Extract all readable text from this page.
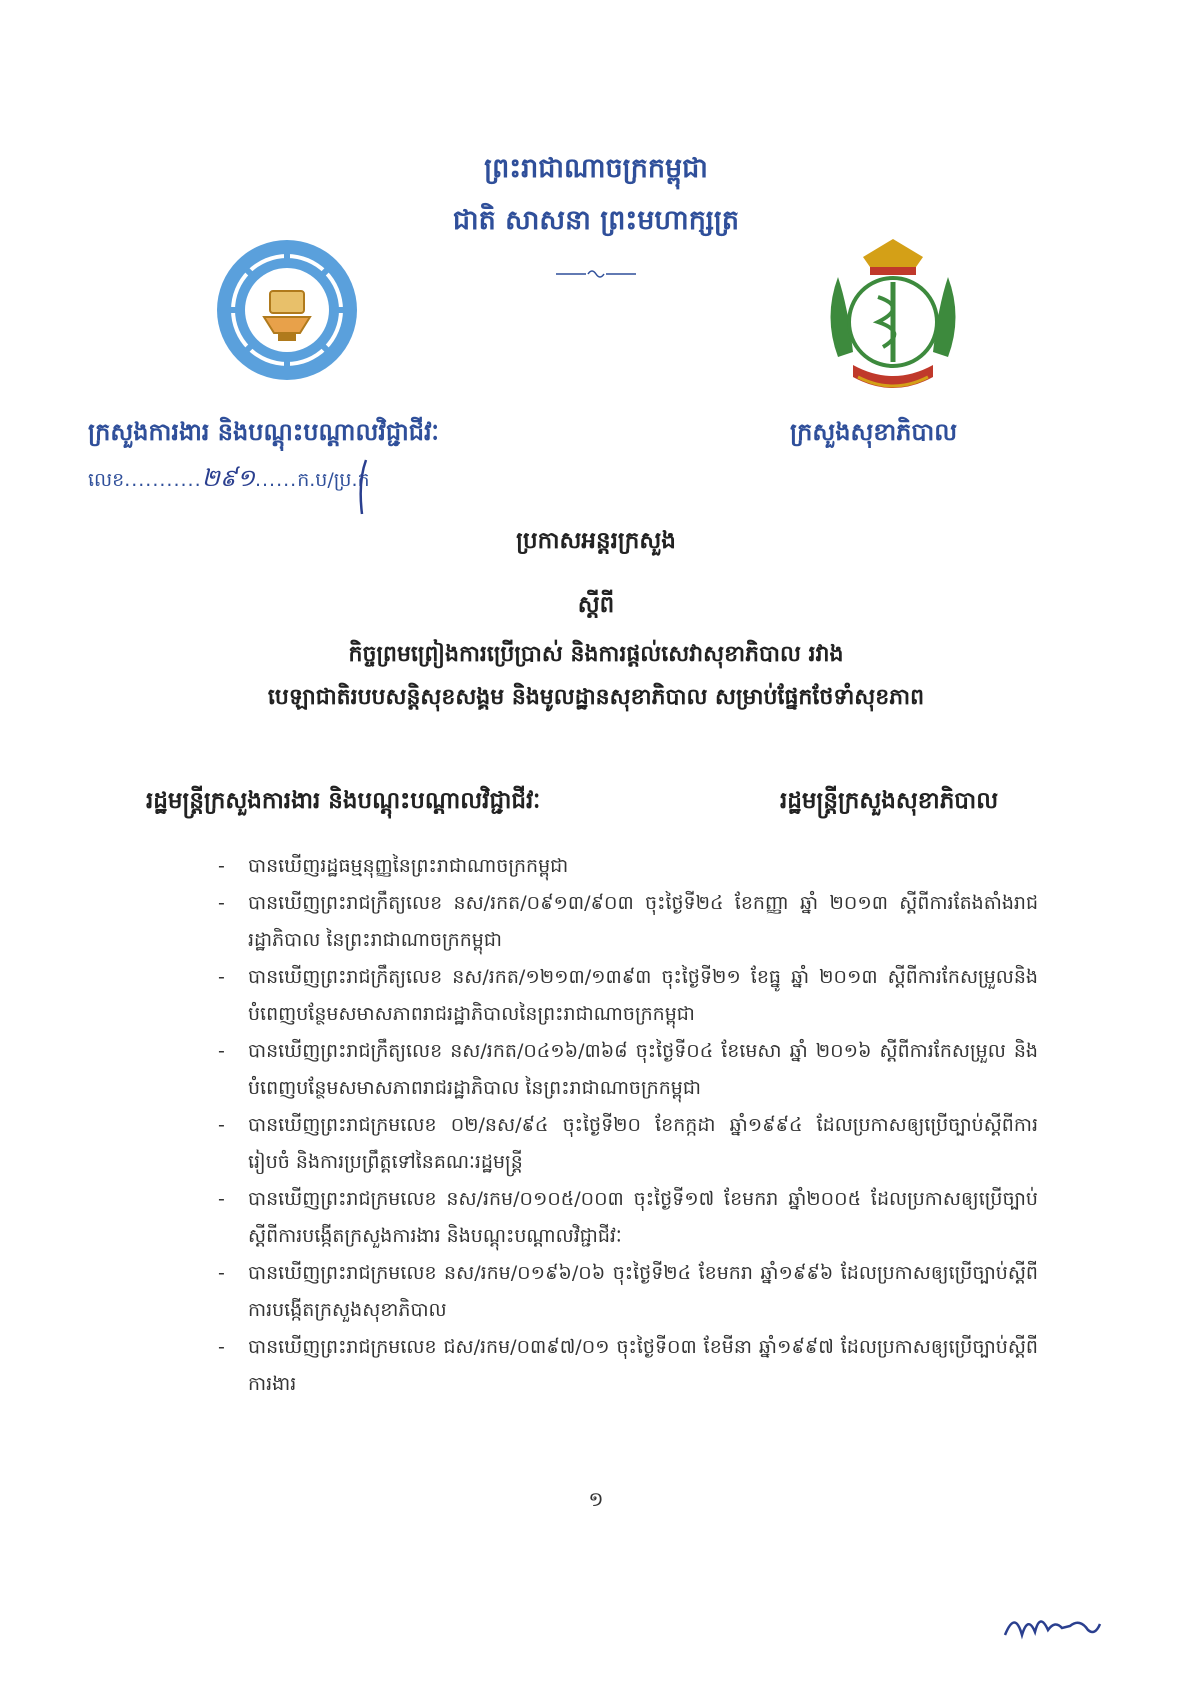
ព្រះរាជាណាចក្រកម្ពុជា
ជាតិ សាសនា ព្រះមហាក្សត្រ
ក្រសួងការងារ និងបណ្តុះបណ្តាលវិជ្ជាជីវៈ	ក្រសួងសុខាភិបាល
លេខ...........២៩១......ក.ប/ប្រ.ក
ប្រកាសអន្តរក្រសួង
ស្តីពី
កិច្ចព្រមព្រៀងការប្រើប្រាស់ និងការផ្តល់សេវាសុខាភិបាល រវាង
បេឡាជាតិរបបសន្តិសុខសង្គម និងមូលដ្ឋានសុខាភិបាល សម្រាប់ផ្នែកថែទាំសុខភាព
រដ្ឋមន្ត្រីក្រសួងការងារ និងបណ្តុះបណ្តាលវិជ្ជាជីវៈ	រដ្ឋមន្ត្រីក្រសួងសុខាភិបាល
- បានឃើញរដ្ឋធម្មនុញ្ញនៃព្រះរាជាណាចក្រកម្ពុជា
- បានឃើញព្រះរាជក្រឹត្យលេខ នស/រកត/០៩១៣/៩០៣ ចុះថ្ងៃទី២៤ ខែកញ្ញា ឆ្នាំ ២០១៣ ស្តីពីការតែងតាំងរាជរដ្ឋាភិបាល នៃព្រះរាជាណាចក្រកម្ពុជា
- បានឃើញព្រះរាជក្រឹត្យលេខ នស/រកត/១២១៣/១៣៩៣ ចុះថ្ងៃទី២១ ខែធ្នូ ឆ្នាំ ២០១៣ ស្តីពីការកែសម្រួលនិងបំពេញបន្ថែមសមាសភាពរាជរដ្ឋាភិបាលនៃព្រះរាជាណាចក្រកម្ពុជា
- បានឃើញព្រះរាជក្រឹត្យលេខ នស/រកត/០៤១៦/៣៦៨ ចុះថ្ងៃទី០៤ ខែមេសា ឆ្នាំ ២០១៦ ស្តីពីការកែសម្រួល និងបំពេញបន្ថែមសមាសភាពរាជរដ្ឋាភិបាល នៃព្រះរាជាណាចក្រកម្ពុជា
- បានឃើញព្រះរាជក្រមលេខ ០២/នស/៩៤ ចុះថ្ងៃទី២០ ខែកក្កដា ឆ្នាំ១៩៩៤ ដែលប្រកាសឲ្យប្រើច្បាប់ស្តីពីការរៀបចំ និងការប្រព្រឹត្តទៅនៃគណៈរដ្ឋមន្ត្រី
- បានឃើញព្រះរាជក្រមលេខ នស/រកម/០១០៥/០០៣ ចុះថ្ងៃទី១៧ ខែមករា ឆ្នាំ២០០៥ ដែលប្រកាសឲ្យប្រើច្បាប់ស្តីពីការបង្កើតក្រសួងការងារ និងបណ្តុះបណ្តាលវិជ្ជាជីវៈ
- បានឃើញព្រះរាជក្រមលេខ នស/រកម/០១៩៦/០៦ ចុះថ្ងៃទី២៤ ខែមករា ឆ្នាំ១៩៩៦ ដែលប្រកាសឲ្យប្រើច្បាប់ស្តីពីការបង្កើតក្រសួងសុខាភិបាល
- បានឃើញព្រះរាជក្រមលេខ ជស/រកម/០៣៩៧/០១ ចុះថ្ងៃទី០៣ ខែមីនា ឆ្នាំ១៩៩៧ ដែលប្រកាសឲ្យប្រើច្បាប់ស្តីពីការងារ
១
